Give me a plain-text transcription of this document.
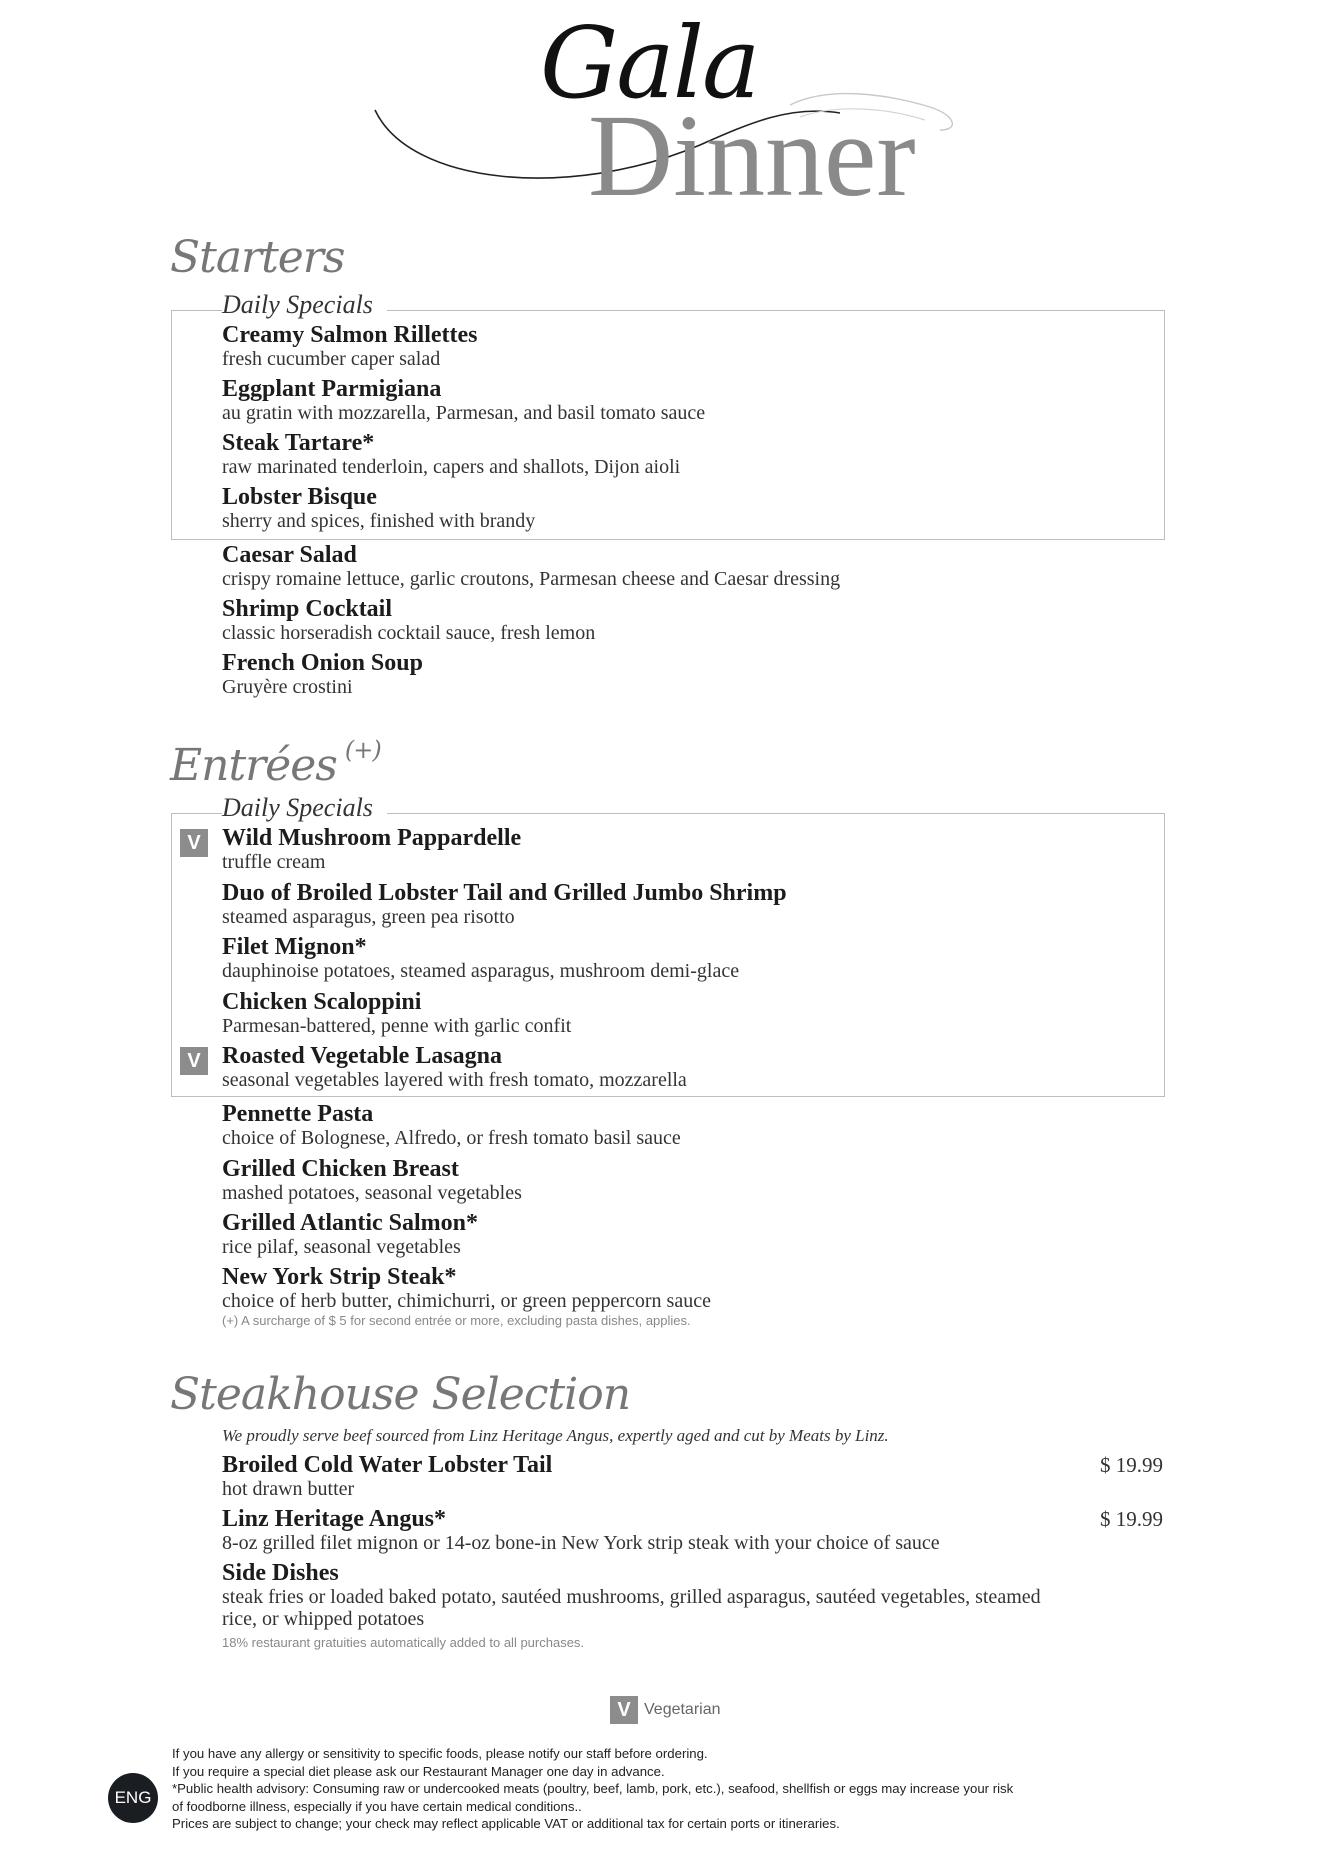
Gala
Dinner
Starters
Daily Specials
Creamy Salmon Rillettes
fresh cucumber caper salad
Eggplant Parmigiana
au gratin with mozzarella, Parmesan, and basil tomato sauce
Steak Tartare*
raw marinated tenderloin, capers and shallots, Dijon aioli
Lobster Bisque
sherry and spices, finished with brandy
Caesar Salad
crispy romaine lettuce, garlic croutons, Parmesan cheese and Caesar dressing
Shrimp Cocktail
classic horseradish cocktail sauce, fresh lemon
French Onion Soup
Gruyère crostini
Entrées (+)
Daily Specials
V Wild Mushroom Pappardelle
truffle cream
Duo of Broiled Lobster Tail and Grilled Jumbo Shrimp
steamed asparagus, green pea risotto
Filet Mignon*
dauphinoise potatoes, steamed asparagus, mushroom demi-glace
Chicken Scaloppini
Parmesan-battered, penne with garlic confit
V Roasted Vegetable Lasagna
seasonal vegetables layered with fresh tomato, mozzarella
Pennette Pasta
choice of Bolognese, Alfredo, or fresh tomato basil sauce
Grilled Chicken Breast
mashed potatoes, seasonal vegetables
Grilled Atlantic Salmon*
rice pilaf, seasonal vegetables
New York Strip Steak*
choice of herb butter, chimichurri, or green peppercorn sauce
(+) A surcharge of $ 5 for second entrée or more, excluding pasta dishes, applies.
Steakhouse Selection
We proudly serve beef sourced from Linz Heritage Angus, expertly aged and cut by Meats by Linz.
Broiled Cold Water Lobster Tail
hot drawn butter
$ 19.99
Linz Heritage Angus*
8-oz grilled filet mignon or 14-oz bone-in New York strip steak with your choice of sauce
$ 19.99
Side Dishes
steak fries or loaded baked potato, sautéed mushrooms, grilled asparagus, sautéed vegetables, steamed rice, or whipped potatoes
18% restaurant gratuities automatically added to all purchases.
V Vegetarian
If you have any allergy or sensitivity to specific foods, please notify our staff before ordering.
If you require a special diet please ask our Restaurant Manager one day in advance.
*Public health advisory: Consuming raw or undercooked meats (poultry, beef, lamb, pork, etc.), seafood, shellfish or eggs may increase your risk
of foodborne illness, especially if you have certain medical conditions..
Prices are subject to change; your check may reflect applicable VAT or additional tax for certain ports or itineraries.
ENG
